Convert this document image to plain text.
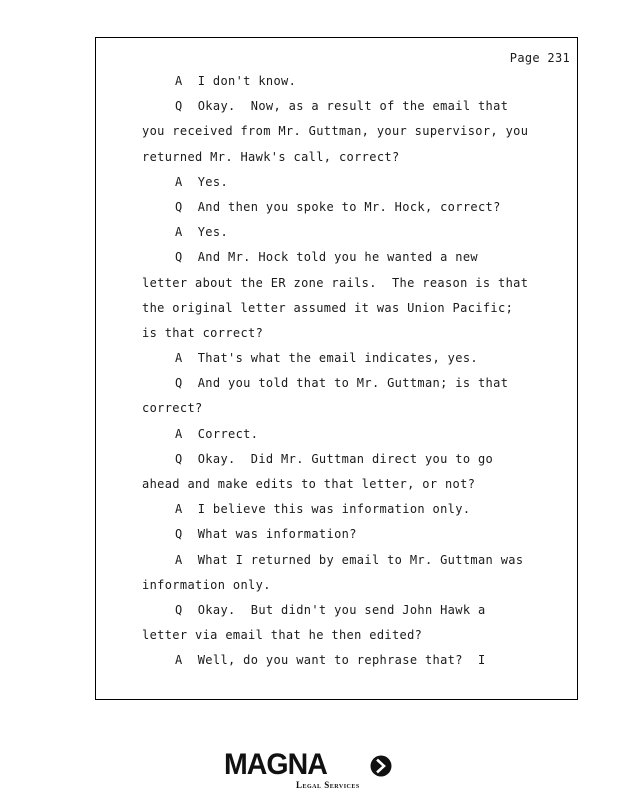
Page 231
A  I don't know.
Q  Okay.  Now, as a result of the email that
you received from Mr. Guttman, your supervisor, you
returned Mr. Hawk's call, correct?
A  Yes.
Q  And then you spoke to Mr. Hock, correct?
A  Yes.
Q  And Mr. Hock told you he wanted a new
letter about the ER zone rails.  The reason is that
the original letter assumed it was Union Pacific;
is that correct?
A  That's what the email indicates, yes.
Q  And you told that to Mr. Guttman; is that
correct?
A  Correct.
Q  Okay.  Did Mr. Guttman direct you to go
ahead and make edits to that letter, or not?
A  I believe this was information only.
Q  What was information?
A  What I returned by email to Mr. Guttman was
information only.
Q  Okay.  But didn't you send John Hawk a
letter via email that he then edited?
A  Well, do you want to rephrase that?  I
MAGNA
Legal Services
